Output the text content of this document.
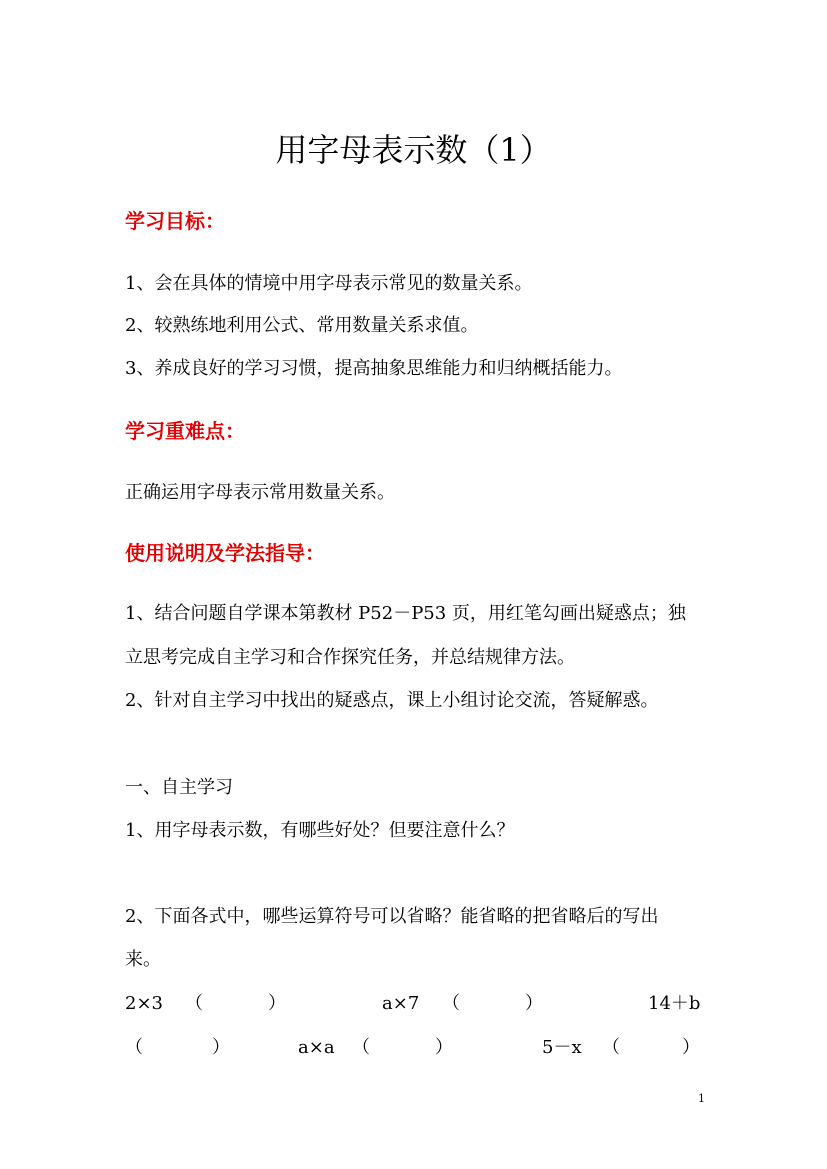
用字母表示数（1）
学习目标：
1、会在具体的情境中用字母表示常见的数量关系。
2、较熟练地利用公式、常用数量关系求值。
3、养成良好的学习习惯，提高抽象思维能力和归纳概括能力。
学习重难点：
正确运用字母表示常用数量关系。
使用说明及学法指导：
1、结合问题自学课本第教材 P52－P53 页，用红笔勾画出疑惑点；独
立思考完成自主学习和合作探究任务，并总结规律方法。
2、针对自主学习中找出的疑惑点，课上小组讨论交流，答疑解惑。
一、自主学习
1、用字母表示数，有哪些好处？但要注意什么？
2、下面各式中，哪些运算符号可以省略？能省略的把省略后的写出
来。
2×3 （	）	a×7 （	）	14＋b
（	）	a×a （	）	5－x （	）
1
